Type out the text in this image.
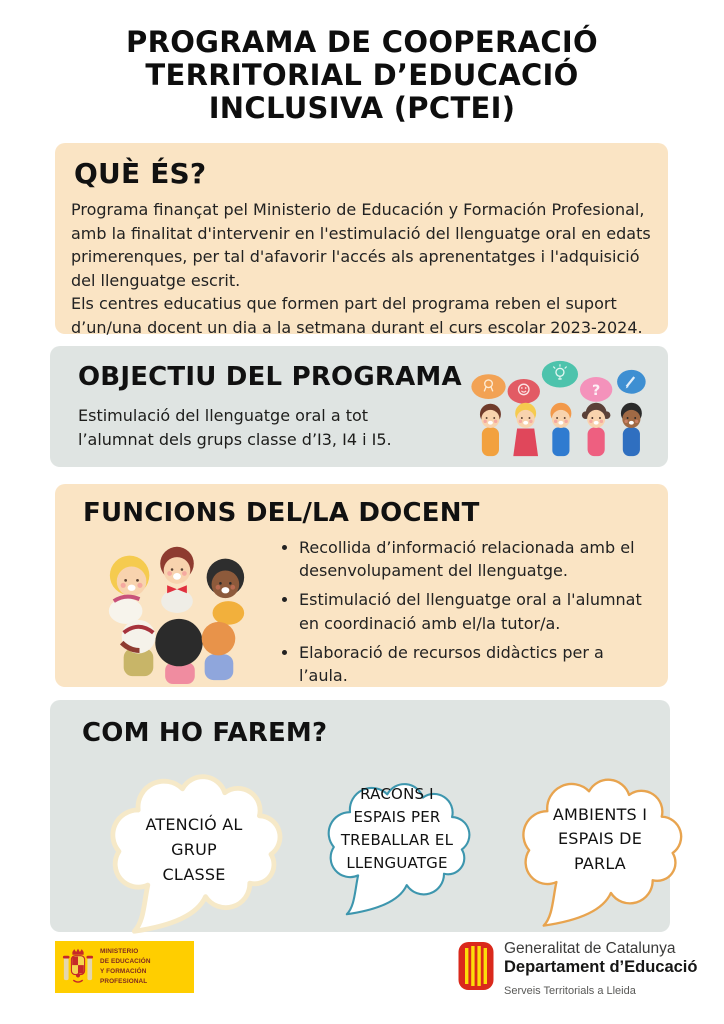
PROGRAMA DE COOPERACIÓ
TERRITORIAL D’EDUCACIÓ
INCLUSIVA (PCTEI)
QUÈ ÉS?

Programa finançat pel Ministerio de Educación y Formación Profesional, amb la finalitat d'intervenir en l'estimulació del llenguatge oral en edats primerenques, per tal d'afavorir l'accés als aprenentatges i l'adquisició del llenguatge escrit.

Els centres educatius que formen part del programa reben el suport d’un/una docent un dia a la setmana durant el curs escolar 2023-2024.

OBJECTIU DEL PROGRAMA

Estimulació del llenguatge oral a tot l’alumnat dels grups classe d’I3, I4 i I5.

?
FUNCIONS DEL/LA DOCENT
• Recollida d’informació relacionada amb el desenvolupament del llenguatge.
• Estimulació del llenguatge oral a l'alumnat en coordinació amb el/la tutor/a.
• Elaboració de recursos didàctics per a l’aula.
COM HO FAREM?
ATENCIÓ AL GRUP CLASSE
RACONS I ESPAIS PER TREBALLAR EL LLENGUATGE
AMBIENTS I ESPAIS DE PARLA
MINISTERIO
DE EDUCACIÓN
Y FORMACIÓN PROFESIONAL
Generalitat de Catalunya
Departament d’Educació
Serveis Territorials a Lleida
